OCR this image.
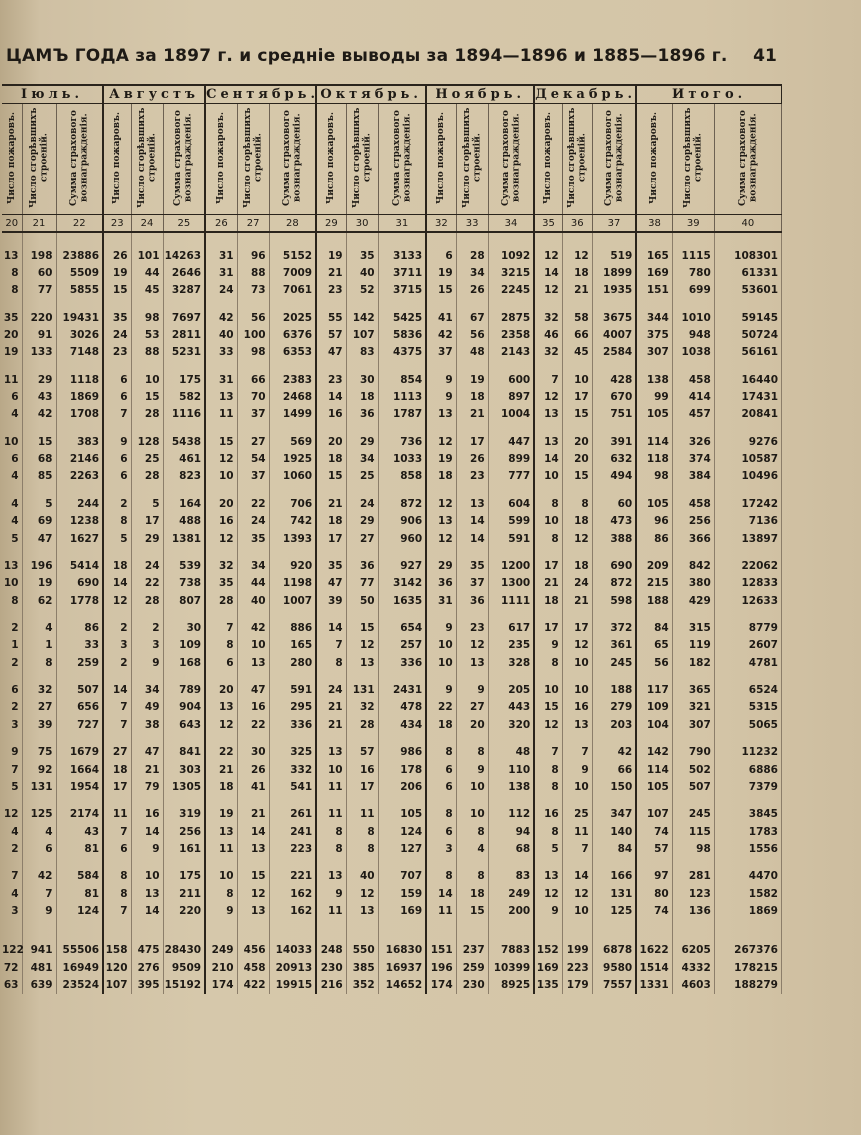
ЦАМЪ ГОДА за 1897 г. и средніе выводы за 1894—1896 и 1885—1896 г.	41
Іюль.			Августъ			Сентябрь.			Октябрь.			Ноябрь.			Декабрь.			Итого.		
Число пожаровъ.	Число сгорѣвшихъ строеній.	Сумма страхового вознагражденія.	Число пожаровъ.	Число сгорѣвшихъ строеній.	Сумма страхового вознагражденія.	Число пожаровъ.	Число сгорѣвшихъ строеній.	Сумма страхового вознагражденія.	Число пожаровъ.	Число сгорѣвшихъ строеній.	Сумма страхового вознагражденія.	Число пожаровъ.	Число сгорѣвшихъ строеній.	Сумма страхового вознагражденія.	Число пожаровъ.	Число сгорѣвшихъ строеній.	Сумма страхового вознагражденія.	Число пожаровъ.	Число сгорѣвшихъ строеній.	Сумма страхового вознагражденія.
20	21	22	23	24	25	26	27	28	29	30	31	32	33	34	35	36	37	38	39	40

13	198	23886	26	101	14263	31	96	5152	19	35	3133	6	28	1092	12	12	519	165	1115	108301
8	60	5509	19	44	2646	31	88	7009	21	40	3711	19	34	3215	14	18	1899	169	780	61331
8	77	5855	15	45	3287	24	73	7061	23	52	3715	15	26	2245	12	21	1935	151	699	53601

35	220	19431	35	98	7697	42	56	2025	55	142	5425	41	67	2875	32	58	3675	344	1010	59145
20	91	3026	24	53	2811	40	100	6376	57	107	5836	42	56	2358	46	66	4007	375	948	50724
19	133	7148	23	88	5231	33	98	6353	47	83	4375	37	48	2143	32	45	2584	307	1038	56161

11	29	1118	6	10	175	31	66	2383	23	30	854	9	19	600	7	10	428	138	458	16440
6	43	1869	6	15	582	13	70	2468	14	18	1113	9	18	897	12	17	670	99	414	17431
4	42	1708	7	28	1116	11	37	1499	16	36	1787	13	21	1004	13	15	751	105	457	20841

10	15	383	9	128	5438	15	27	569	20	29	736	12	17	447	13	20	391	114	326	9276
6	68	2146	6	25	461	12	54	1925	18	34	1033	19	26	899	14	20	632	118	374	10587
4	85	2263	6	28	823	10	37	1060	15	25	858	18	23	777	10	15	494	98	384	10496

4	5	244	2	5	164	20	22	706	21	24	872	12	13	604	8	8	60	105	458	17242
4	69	1238	8	17	488	16	24	742	18	29	906	13	14	599	10	18	473	96	256	7136
5	47	1627	5	29	1381	12	35	1393	17	27	960	12	14	591	8	12	388	86	366	13897

13	196	5414	18	24	539	32	34	920	35	36	927	29	35	1200	17	18	690	209	842	22062
10	19	690	14	22	738	35	44	1198	47	77	3142	36	37	1300	21	24	872	215	380	12833
8	62	1778	12	28	807	28	40	1007	39	50	1635	31	36	1111	18	21	598	188	429	12633

2	4	86	2	2	30	7	42	886	14	15	654	9	23	617	17	17	372	84	315	8779
1	1	33	3	3	109	8	10	165	7	12	257	10	12	235	9	12	361	65	119	2607
2	8	259	2	9	168	6	13	280	8	13	336	10	13	328	8	10	245	56	182	4781

6	32	507	14	34	789	20	47	591	24	131	2431	9	9	205	10	10	188	117	365	6524
2	27	656	7	49	904	13	16	295	21	32	478	22	27	443	15	16	279	109	321	5315
3	39	727	7	38	643	12	22	336	21	28	434	18	20	320	12	13	203	104	307	5065

9	75	1679	27	47	841	22	30	325	13	57	986	8	8	48	7	7	42	142	790	11232
7	92	1664	18	21	303	21	26	332	10	16	178	6	9	110	8	9	66	114	502	6886
5	131	1954	17	79	1305	18	41	541	11	17	206	6	10	138	8	10	150	105	507	7379

12	125	2174	11	16	319	19	21	261	11	11	105	8	10	112	16	25	347	107	245	3845
4	4	43	7	14	256	13	14	241	8	8	124	6	8	94	8	11	140	74	115	1783
2	6	81	6	9	161	11	13	223	8	8	127	3	4	68	5	7	84	57	98	1556

7	42	584	8	10	175	10	15	221	13	40	707	8	8	83	13	14	166	97	281	4470
4	7	81	8	13	211	8	12	162	9	12	159	14	18	249	12	12	131	80	123	1582
3	9	124	7	14	220	9	13	162	11	13	169	11	15	200	9	10	125	74	136	1869

122	941	55506	158	475	28430	249	456	14033	248	550	16830	151	237	7883	152	199	6878	1622	6205	267376
72	481	16949	120	276	9509	210	458	20913	230	385	16937	196	259	10399	169	223	9580	1514	4332	178215
63	639	23524	107	395	15192	174	422	19915	216	352	14652	174	230	8925	135	179	7557	1331	4603	188279
